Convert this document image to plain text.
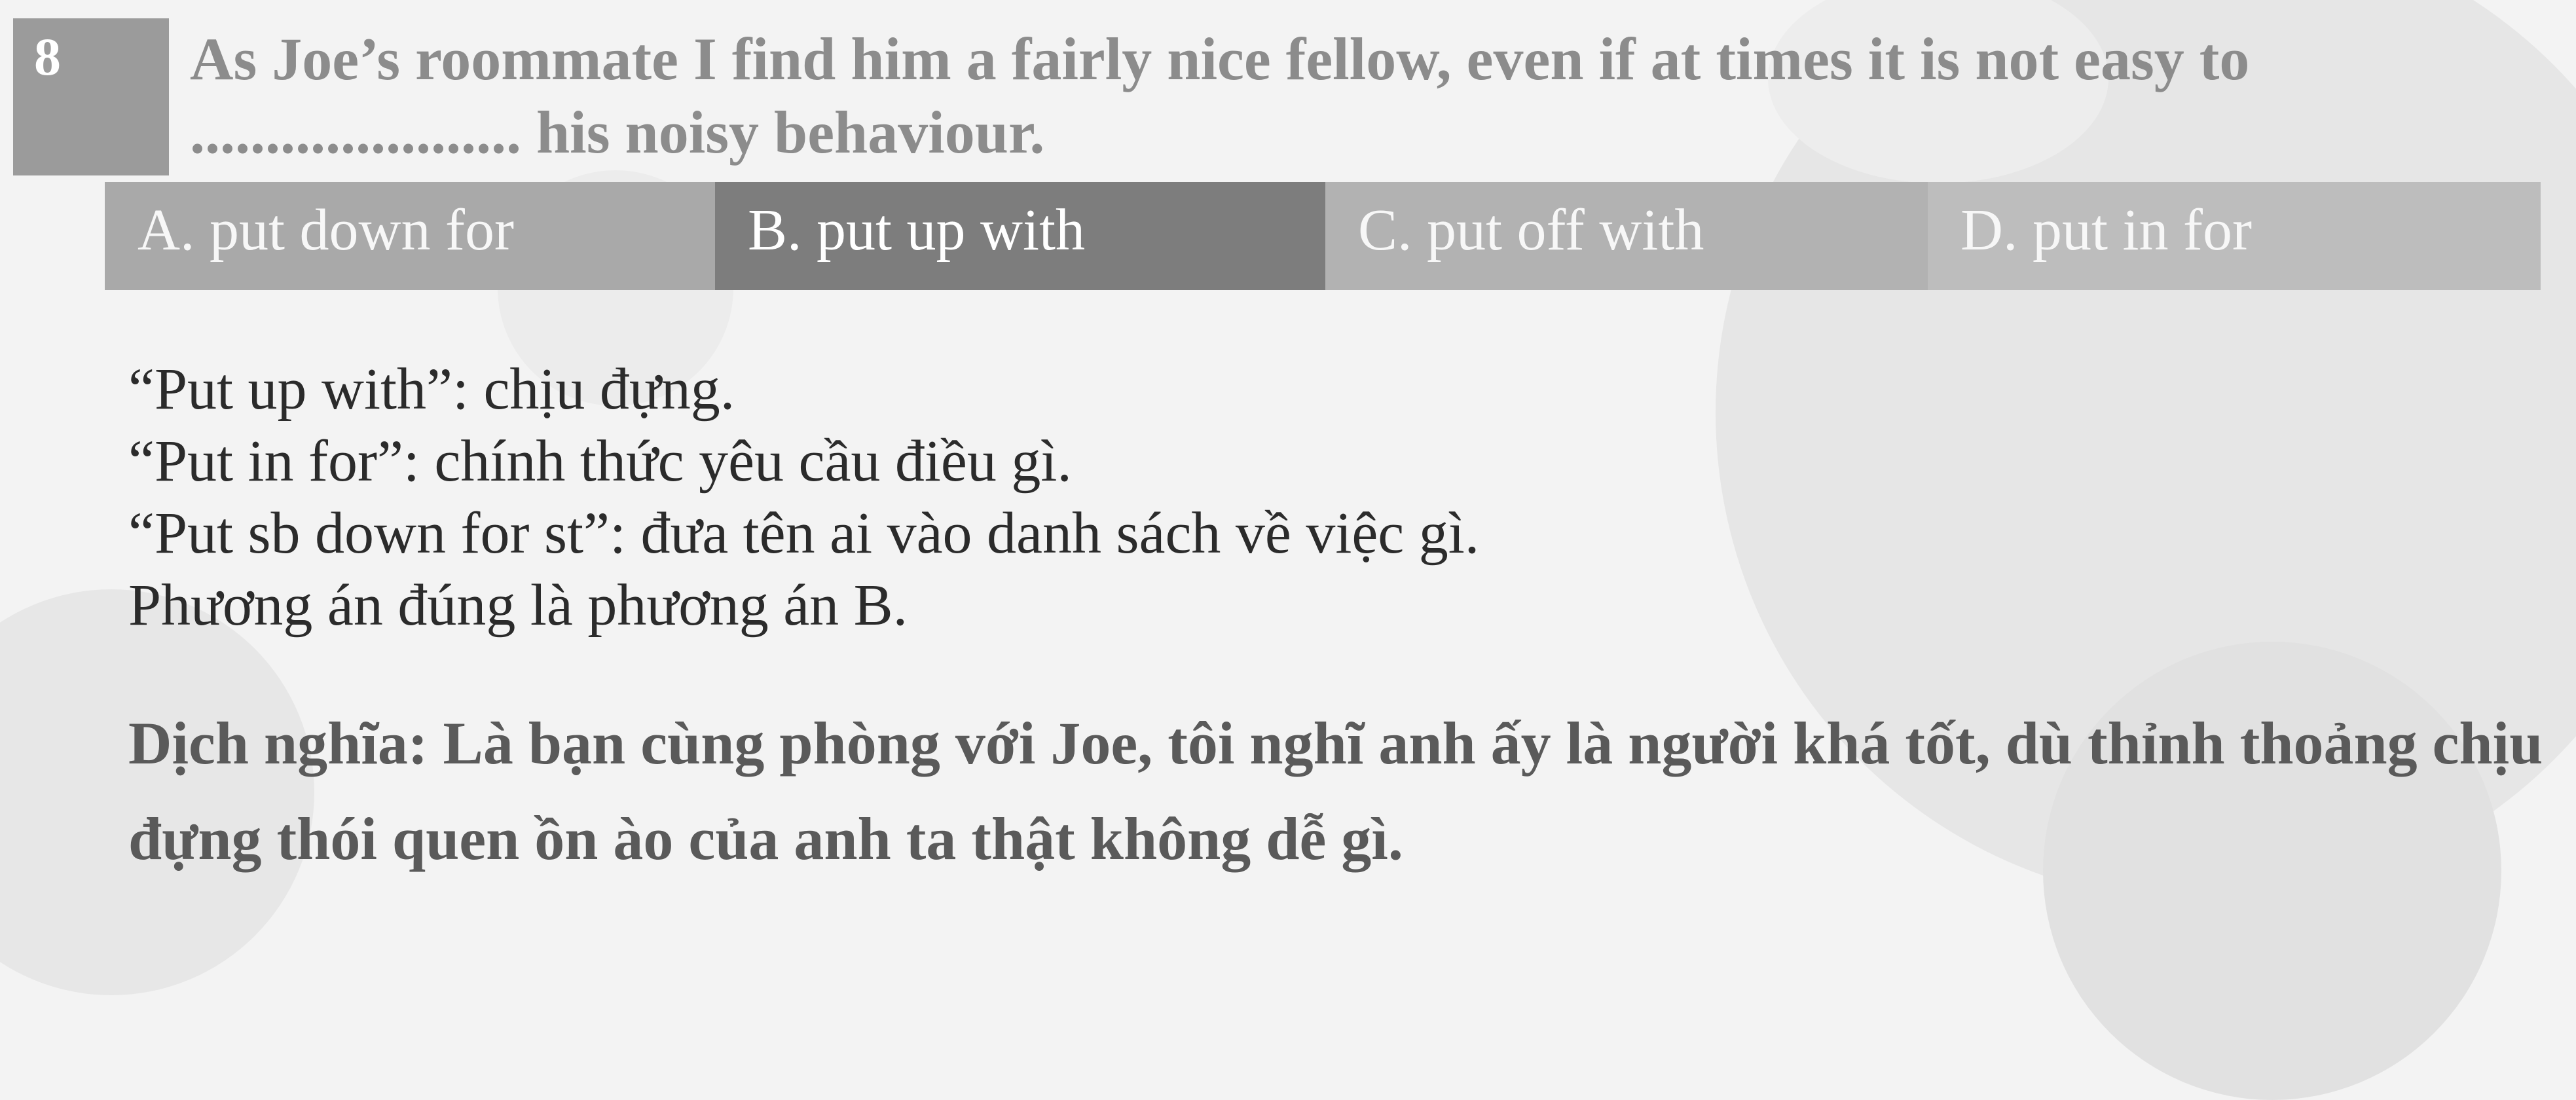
8	As Joe’s roommate I find him a fairly nice fellow, even if at times it is not easy to ...................... his noisy behaviour.
A. put down for	B. put up with	C. put off with	D. put in for
“Put up with”: chịu đựng.
“Put in for”: chính thức yêu cầu điều gì.
“Put sb down for st”: đưa tên ai vào danh sách về việc gì.
Phương án đúng là phương án B.
Dịch nghĩa: Là bạn cùng phòng với Joe, tôi nghĩ anh ấy là người khá tốt, dù thỉnh thoảng chịu đựng thói quen ồn ào của anh ta thật không dễ gì.
